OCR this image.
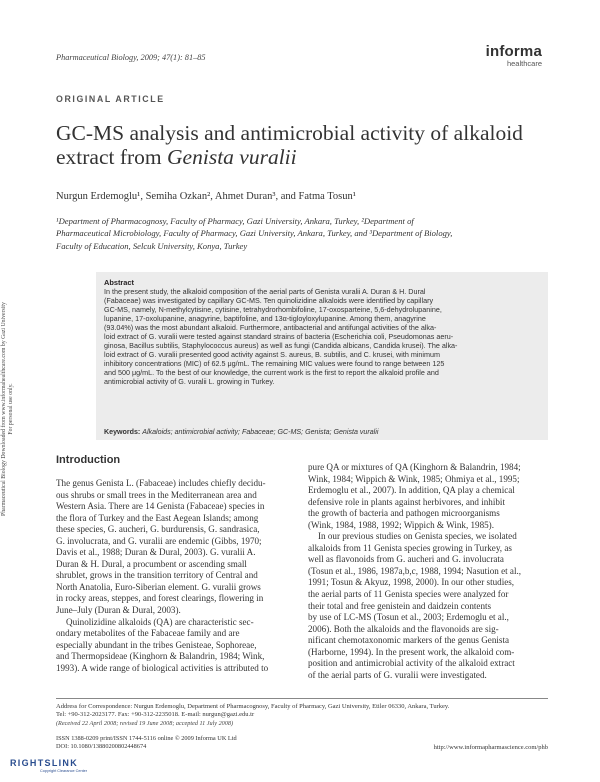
Pharmaceutical Biology, 2009; 47(1): 81–85	informa
healthcare
ORIGINAL ARTICLE
GC-MS analysis and antimicrobial activity of alkaloid
extract from Genista vuralii
Nurgun Erdemoglu¹, Semiha Ozkan², Ahmet Duran³, and Fatma Tosun¹
¹Department of Pharmacognosy, Faculty of Pharmacy, Gazi University, Ankara, Turkey, ²Department of
Pharmaceutical Microbiology, Faculty of Pharmacy, Gazi University, Ankara, Turkey, and ³Department of Biology,
Faculty of Education, Selcuk University, Konya, Turkey
Abstract
In the present study, the alkaloid composition of the aerial parts of Genista vuralii A. Duran & H. Dural
(Fabaceae) was investigated by capillary GC-MS. Ten quinolizidine alkaloids were identified by capillary
GC-MS, namely, N-methylcytisine, cytisine, tetrahydrorhombifoline, 17-oxosparteine, 5,6-dehydrolupanine,
lupanine, 17-oxolupanine, anagyrine, baptifoline, and 13α-tigloyloxylupanine. Among them, anagyrine
(93.04%) was the most abundant alkaloid. Furthermore, antibacterial and antifungal activities of the alka-
loid extract of G. vuralii were tested against standard strains of bacteria (Escherichia coli, Pseudomonas aeru-
ginosa, Bacillus subtilis, Staphylococcus aureus) as well as fungi (Candida albicans, Candida krusei). The alka-
loid extract of G. vuralii presented good activity against S. aureus, B. subtilis, and C. krusei, with minimum
inhibitory concentrations (MIC) of 62.5 μg/mL. The remaining MIC values were found to range between 125
and 500 μg/mL. To the best of our knowledge, the current work is the first to report the alkaloid profile and
antimicrobial activity of G. vuralii L. growing in Turkey.
Keywords: Alkaloids; antimicrobial activity; Fabaceae; GC-MS; Genista; Genista vuralii
Pharmaceutical Biology Downloaded from www.informahealthcare.com by Gazi University For personal use only.
Introduction
The genus Genista L. (Fabaceae) includes chiefly decidu-
ous shrubs or small trees in the Mediterranean area and
Western Asia. There are 14 Genista (Fabaceae) species in
the flora of Turkey and the East Aegean Islands; among
these species, G. aucheri, G. burdurensis, G. sandrasica,
G. involucrata, and G. vuralii are endemic (Gibbs, 1970;
Davis et al., 1988; Duran & Dural, 2003). G. vuralii A.
Duran & H. Dural, a procumbent or ascending small
shrublet, grows in the transition territory of Central and
North Anatolia, Euro-Siberian element. G. vuralii grows
in rocky areas, steppes, and forest clearings, flowering in
June–July (Duran & Dural, 2003).
Quinolizidine alkaloids (QA) are characteristic sec-
ondary metabolites of the Fabaceae family and are
especially abundant in the tribes Genisteae, Sophoreae,
and Thermopsideae (Kinghorn & Balandrin, 1984; Wink,
1993). A wide range of biological activities is attributed to
pure QA or mixtures of QA (Kinghorn & Balandrin, 1984;
Wink, 1984; Wippich & Wink, 1985; Ohmiya et al., 1995;
Erdemoglu et al., 2007). In addition, QA play a chemical
defensive role in plants against herbivores, and inhibit
the growth of bacteria and pathogen microorganisms
(Wink, 1984, 1988, 1992; Wippich & Wink, 1985).
In our previous studies on Genista species, we isolated
alkaloids from 11 Genista species growing in Turkey, as
well as flavonoids from G. aucheri and G. involucrata
(Tosun et al., 1986, 1987a,b,c, 1988, 1994; Nasution et al.,
1991; Tosun & Akyuz, 1998, 2000). In our other studies,
the aerial parts of 11 Genista species were analyzed for
their total and free genistein and daidzein contents
by use of LC-MS (Tosun et al., 2003; Erdemoglu et al.,
2006). Both the alkaloids and the flavonoids are sig-
nificant chemotaxonomic markers of the genus Genista
(Harborne, 1994). In the present work, the alkaloid com-
position and antimicrobial activity of the alkaloid extract
of the aerial parts of G. vuralii were investigated.
Address for Correspondence: Nurgun Erdemoglu, Department of Pharmacognosy, Faculty of Pharmacy, Gazi University, Etiler 06330, Ankara, Turkey.
Tel: +90-312-2023177. Fax: +90-312-2235018. E-mail: nurgun@gazi.edu.tr
(Received 22 April 2008; revised 19 June 2008; accepted 11 July 2008)
ISSN 1388-0209 print/ISSN 1744-5116 online © 2009 Informa UK Ltd
DOI: 10.1080/13880200802448674	http://www.informapharmascience.com/phb
RIGHTSLINK
Copyright Clearance Center
